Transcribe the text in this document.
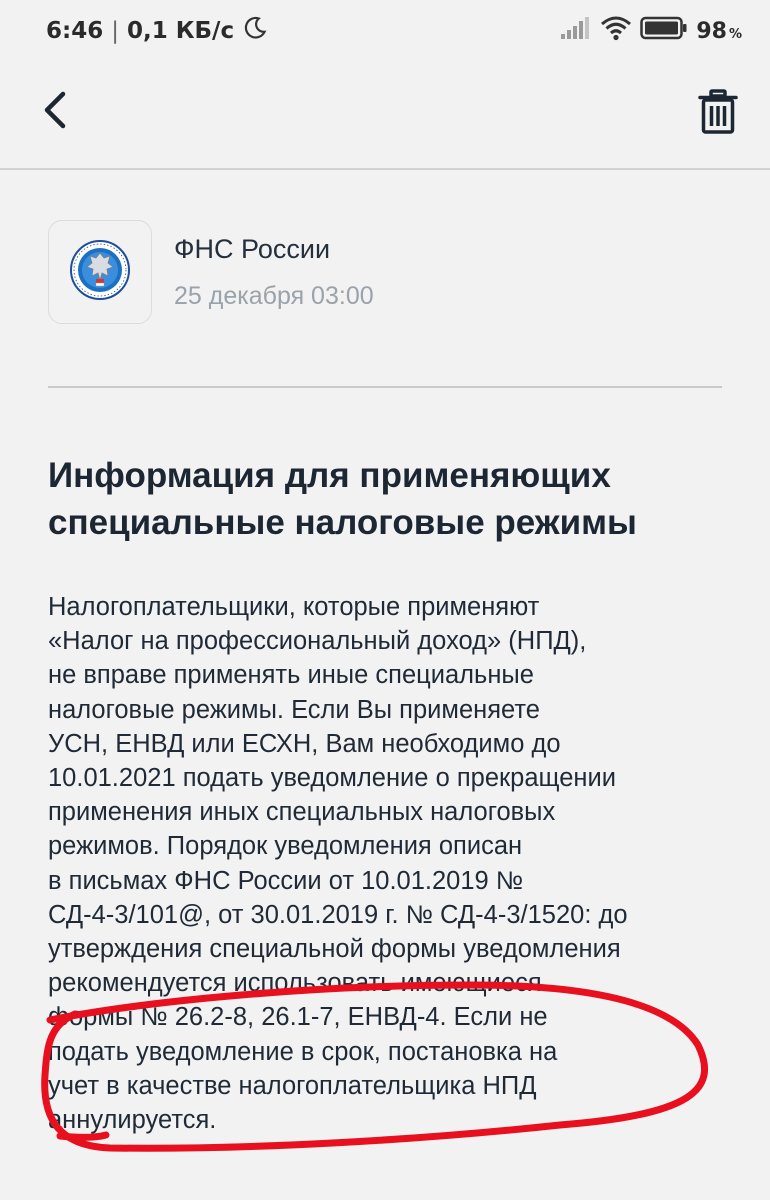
6:46 | 0,1 КБ/с	98 %
ФНС России
25 декабря 03:00
Информация для применяющих
специальные налоговые режимы

Налогоплательщики, которые применяют
«Налог на профессиональный доход» (НПД),
не вправе применять иные специальные
налоговые режимы. Если Вы применяете
УСН, ЕНВД или ЕСХН, Вам необходимо до
10.01.2021 подать уведомление о прекращении
применения иных специальных налоговых
режимов. Порядок уведомления описан
в письмах ФНС России от 10.01.2019 №
СД-4-3/101@, от 30.01.2019 г. № СД-4-3/1520: до
утверждения специальной формы уведомления
рекомендуется использовать имеющиеся
формы № 26.2-8, 26.1-7, ЕНВД-4. Если не
подать уведомление в срок, постановка на
учет в качестве налогоплательщика НПД
аннулируется.
